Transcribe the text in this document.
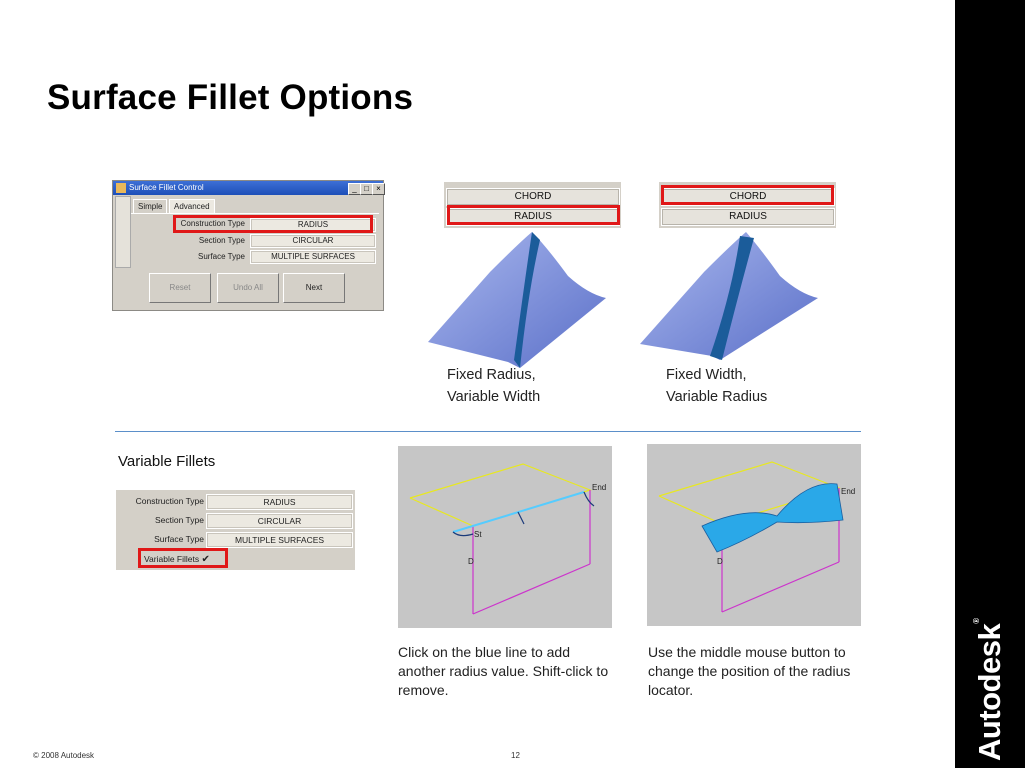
Surface Fillet Options
Autodesk®
Surface Fillet Control	_ □ ×
Simple	Advanced
Construction Type	RADIUS
Section Type	CIRCULAR
Surface Type	MULTIPLE SURFACES
Reset	Undo All	Next
CHORD
RADIUS
CHORD
RADIUS
Fixed Radius,
Variable Width
Fixed Width,
Variable Radius
Variable Fillets
Construction Type	RADIUS
Section Type	CIRCULAR
Surface Type	MULTIPLE SURFACES
Variable Fillets ✔
End
St
D
End
D
Click on the blue line to add another radius value. Shift-click to remove.
Use the middle mouse button to change the position of the radius locator.
© 2008 Autodesk	12
